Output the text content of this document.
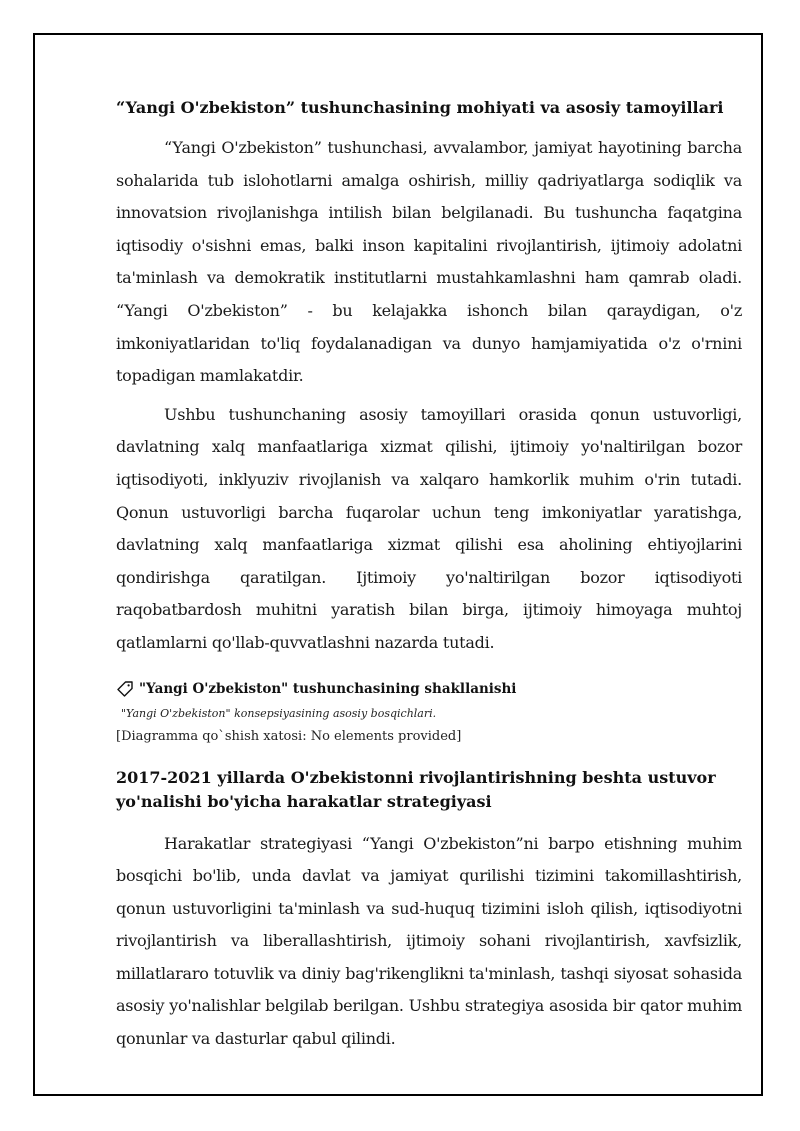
“Yangi O'zbekiston” tushunchasining mohiyati va asosiy tamoyillari

“Yangi O'zbekiston” tushunchasi, avvalambor, jamiyat hayotining barcha sohalarida tub islohotlarni amalga oshirish, milliy qadriyatlarga sodiqlik va innovatsion rivojlanishga intilish bilan belgilanadi. Bu tushuncha faqatgina iqtisodiy o'sishni emas, balki inson kapitalini rivojlantirish, ijtimoiy adolatni ta'minlash va demokratik institutlarni mustahkamlashni ham qamrab oladi. “Yangi O'zbekiston” - bu kelajakka ishonch bilan qaraydigan, o'z imkoniyatlaridan to'liq foydalanadigan va dunyo hamjamiyatida o'z o'rnini topadigan mamlakatdir.

Ushbu tushunchaning asosiy tamoyillari orasida qonun ustuvorligi, davlatning xalq manfaatlariga xizmat qilishi, ijtimoiy yo'naltirilgan bozor iqtisodiyoti, inklyuziv rivojlanish va xalqaro hamkorlik muhim o'rin tutadi. Qonun ustuvorligi barcha fuqarolar uchun teng imkoniyatlar yaratishga, davlatning xalq manfaatlariga xizmat qilishi esa aholining ehtiyojlarini qondirishga qaratilgan. Ijtimoiy yo'naltirilgan bozor iqtisodiyoti raqobatbardosh muhitni yaratish bilan birga, ijtimoiy himoyaga muhtoj qatlamlarni qo'llab-quvvatlashni nazarda tutadi.

"Yangi O'zbekiston" tushunchasining shakllanishi
"Yangi O'zbekiston" konsepsiyasining asosiy bosqichlari.
[Diagramma qo`shish xatosi: No elements provided]
2017-2021 yillarda O'zbekistonni rivojlantirishning beshta ustuvor yo'nalishi bo'yicha harakatlar strategiyasi

Harakatlar strategiyasi “Yangi O'zbekiston”ni barpo etishning muhim bosqichi bo'lib, unda davlat va jamiyat qurilishi tizimini takomillashtirish, qonun ustuvorligini ta'minlash va sud-huquq tizimini isloh qilish, iqtisodiyotni rivojlantirish va liberallashtirish, ijtimoiy sohani rivojlantirish, xavfsizlik, millatlararo totuvlik va diniy bag'rikenglikni ta'minlash, tashqi siyosat sohasida asosiy yo'nalishlar belgilab berilgan. Ushbu strategiya asosida bir qator muhim qonunlar va dasturlar qabul qilindi.
